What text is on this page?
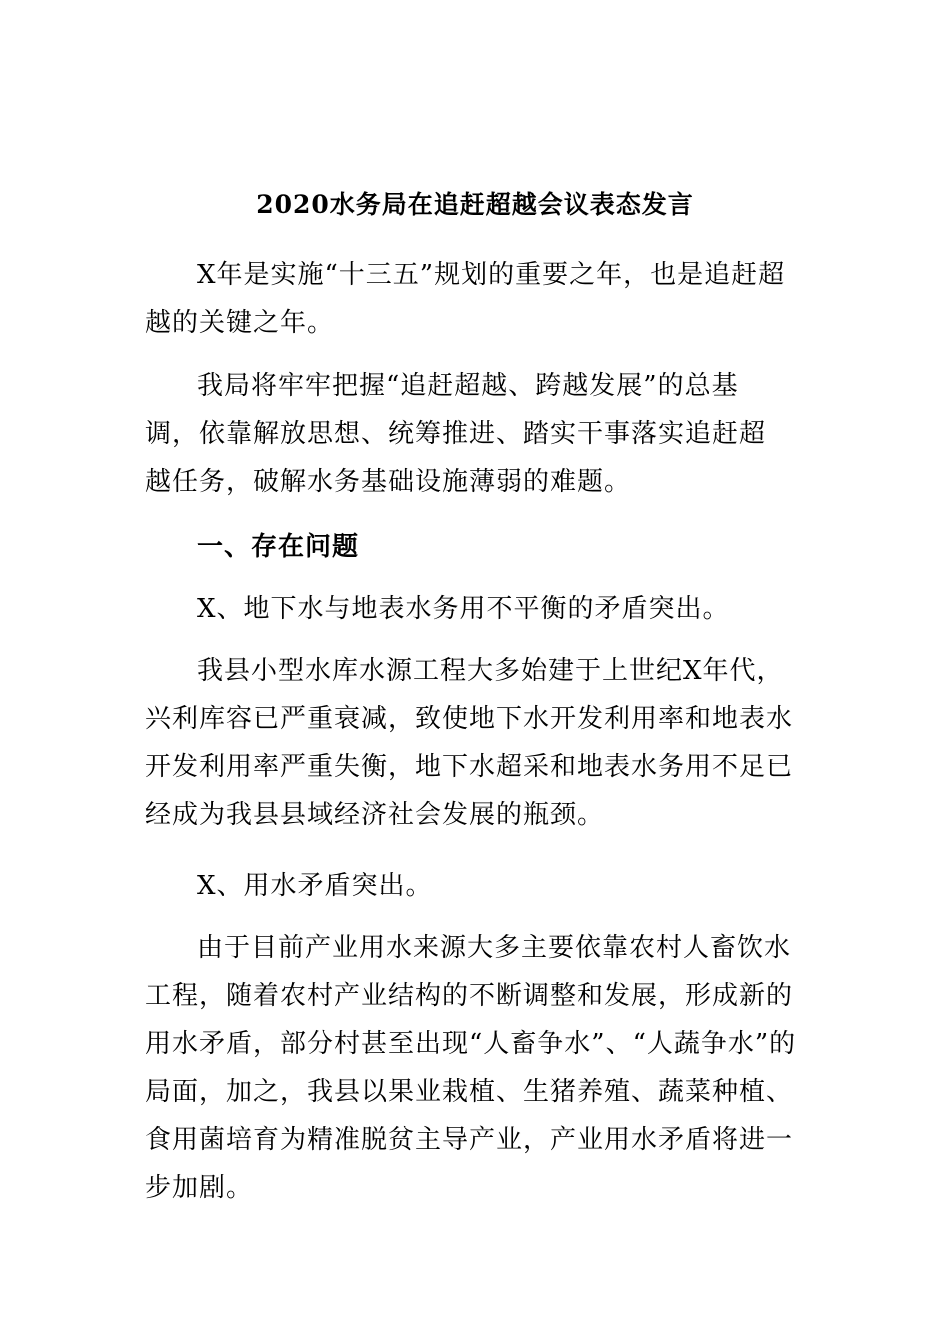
2020水务局在追赶超越会议表态发言

X年是实施“十三五”规划的重要之年，也是追赶超越的关键之年。

我局将牢牢把握“追赶超越、跨越发展”的总基调，依靠解放思想、统筹推进、踏实干事落实追赶超越任务，破解水务基础设施薄弱的难题。

一、存在问题

X、地下水与地表水务用不平衡的矛盾突出。

我县小型水库水源工程大多始建于上世纪X年代，兴利库容已严重衰减，致使地下水开发利用率和地表水开发利用率严重失衡，地下水超采和地表水务用不足已经成为我县县域经济社会发展的瓶颈。

X、用水矛盾突出。

由于目前产业用水来源大多主要依靠农村人畜饮水工程，随着农村产业结构的不断调整和发展，形成新的用水矛盾，部分村甚至出现“人畜争水”、“人蔬争水”的局面，加之，我县以果业栽植、生猪养殖、蔬菜种植、食用菌培育为精准脱贫主导产业，产业用水矛盾将进一步加剧。
